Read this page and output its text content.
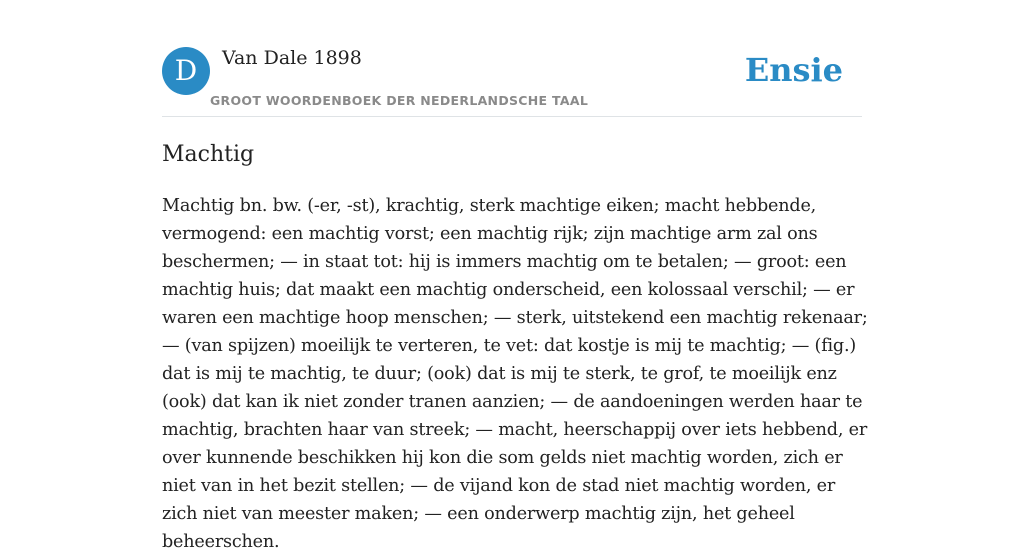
D	Van Dale 1898
GROOT WOORDENBOEK DER NEDERLANDSCHE TAAL
Ensie
Machtig

Machtig bn. bw. (-er, -st), krachtig, sterk machtige eiken; macht hebbende, vermogend: een machtig vorst; een machtig rijk; zijn machtige arm zal ons beschermen; — in staat tot: hij is immers machtig om te betalen; — groot: een machtig huis; dat maakt een machtig onderscheid, een kolossaal verschil; — er waren een machtige hoop menschen; — sterk, uitstekend een machtig rekenaar; — (van spijzen) moeilijk te verteren, te vet: dat kostje is mij te machtig; — (fig.) dat is mij te machtig, te duur; (ook) dat is mij te sterk, te grof, te moeilijk enz (ook) dat kan ik niet zonder tranen aanzien; — de aandoeningen werden haar te machtig, brachten haar van streek; — macht, heerschappij over iets hebbend, er over kunnende beschikken hij kon die som gelds niet machtig worden, zich er niet van in het bezit stellen; — de vijand kon de stad niet machtig worden, er zich niet van meester maken; — een onderwerp machtig zijn, het geheel beheerschen.
